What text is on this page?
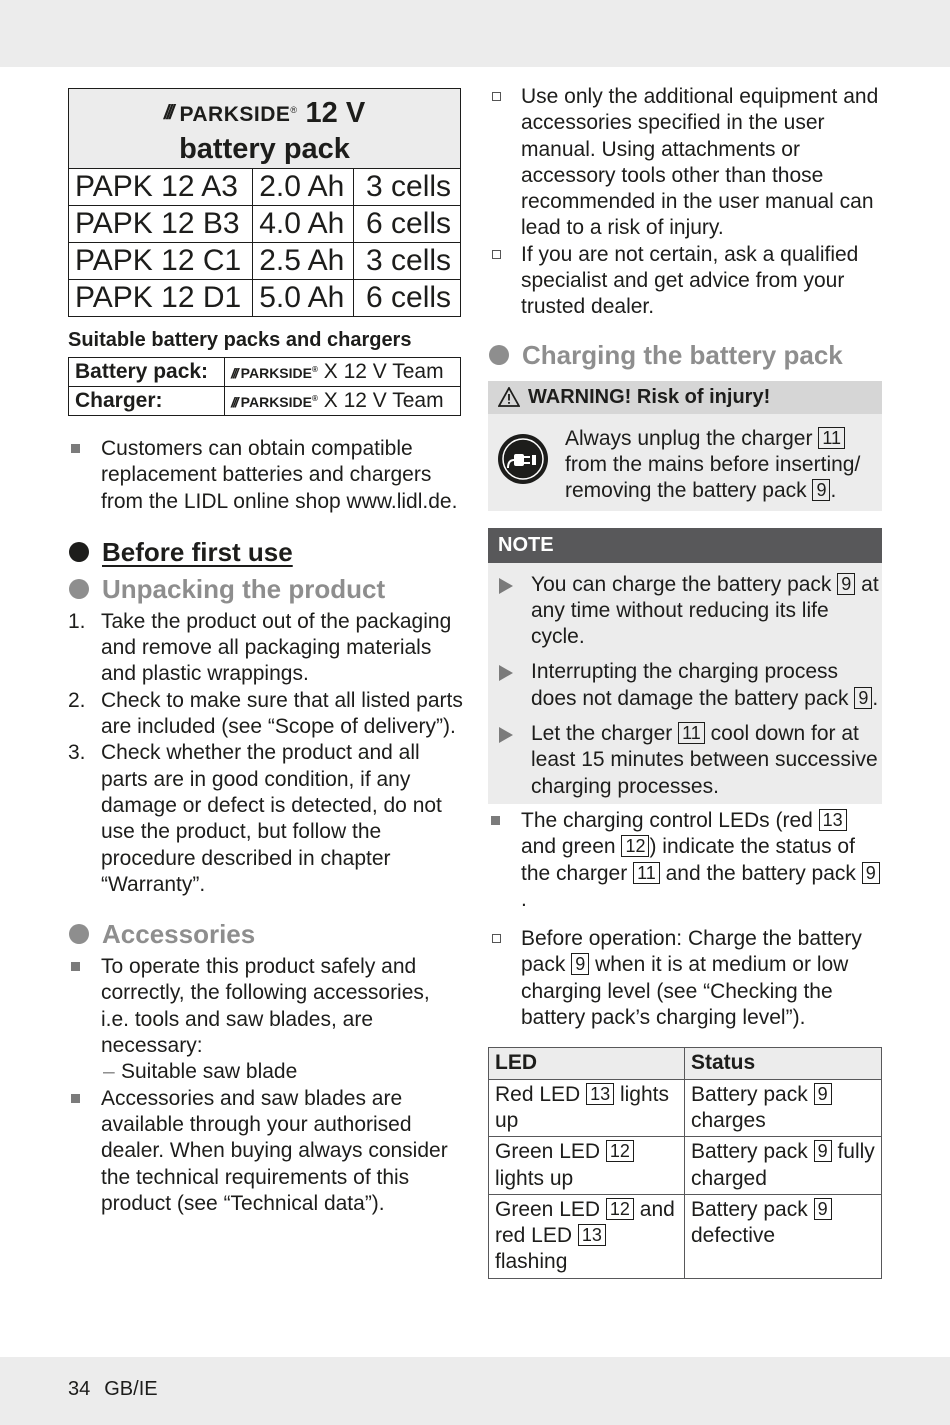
/// PARKSIDE® 12 V
battery pack		

PAPK 12 A3	2.0 Ah	3 cells
PAPK 12 B3	4.0 Ah	6 cells
PAPK 12 C1	2.5 Ah	3 cells
PAPK 12 D1	5.0 Ah	6 cells
Suitable battery packs and chargers
Battery pack:	/// PARKSIDE® X 12 V Team
Charger:	/// PARKSIDE® X 12 V Team
Customers can obtain compatible replacement batteries and chargers from the LIDL online shop www.lidl.de.
Before first use
Unpacking the product
1. Take the product out of the packaging and remove all packaging materials and plastic wrappings.
2. Check to make sure that all listed parts are included (see “Scope of delivery”).
3. Check whether the product and all parts are in good condition, if any damage or defect is detected, do not use the product, but follow the procedure described in chapter “Warranty”.
Accessories
To operate this product safely and correctly, the following accessories, i.e. tools and saw blades, are necessary:
– Suitable saw blade
Accessories and saw blades are available through your authorised dealer. When buying always consider the technical requirements of this product (see “Technical data”).
Use only the additional equipment and accessories specified in the user manual. Using attachments or accessory tools other than those recommended in the user manual can lead to a risk of injury.
If you are not certain, ask a qualified specialist and get advice from your trusted dealer.
Charging the battery pack
WARNING! Risk of injury!
Always unplug the charger 11 from the mains before inserting/ removing the battery pack 9 .
NOTE
You can charge the battery pack 9 at any time without reducing its life cycle.
Interrupting the charging process does not damage the battery pack 9 .
Let the charger 11 cool down for at least 15 minutes between successive charging processes.
The charging control LEDs (red 13 and green 12 ) indicate the status of the charger 11 and the battery pack 9.
Before operation: Charge the battery pack 9 when it is at medium or low charging level (see “Checking the battery pack’s charging level”).
LED	Status
Red LED 13 lights up	Battery pack 9 charges
Green LED 12 lights up	Battery pack 9 fully charged
Green LED 12 and red LED 13 flashing	Battery pack 9 defective
34 GB/IE
